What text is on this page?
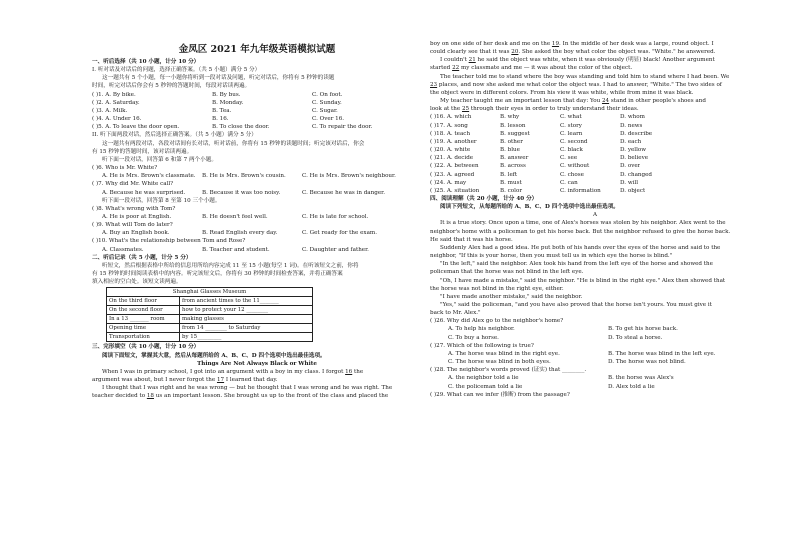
金凤区 2021 年九年级英语模拟试题
一、听后选择（共 10 小题，计分 10 分）
I. 听对话及对话后的问题，选择正确答案。（共 5 小题）满分 5 分）
这一题共有 5 个小题，每一小题你将听到一段对话及问题，听完对话后，你将有 5 秒钟的读题
时间，听完对话后你会有 5 秒钟的答题时间，每段对话读两遍。
( )1. A. By bike.	B. By bus.	C. On foot.
( )2. A. Saturday.	B. Monday.	C. Sunday.
( )3. A. Milk.	B. Tea.	C. Sugar.
( )4. A. Under 16.	B. 16.	C. Over 16.
( )5. A. To leave the door open.	B. To close the door.	C. To repair the door.
II. 听下面两段对话，然后选择正确答案。（共 5 小题）满分 5 分）
这一题共有两段对话，各段对话间有长对话，听对话前，你将有 15 秒钟的读题时间；听完该对话后，你会
有 15 秒钟的答题时间，该对话读两遍。
听下面一段对话，回答第 6 和第 7 两个小题。
( )6. Who is Mr. White?
A. He is Mrs. Brown's classmate.	B. He is Mrs. Brown's cousin.	C. He is Mrs. Brown's neighbour.
( )7. Why did Mr. White call?
A. Because he was surprised.	B. Because it was too noisy.	C. Because he was in danger.
听下面一段对话，回答第 8 至第 10 三个小题。
( )8. What's wrong with Tom?
A. He is poor at English.	B. He doesn't feel well.	C. He is late for school.
( )9. What will Tom do later?
A. Buy an English book.	B. Read English every day.	C. Get ready for the exam.
( )10. What's the relationship between Tom and Rose?
A. Classmates.	B. Teacher and student.	C. Daughter and father.
二、听后记录（共 5 小题，计分 5 分）
听短文，然后根据表格中所给的信息用所给内容完成 11 至 15 小题(每空 1 词)。在听该短文之前，你将
有 15 秒钟的时间阅读表格中的内容。听完该短文后，你将有 30 秒钟的时间检查答案，并将正确答案
填入相应的空白处。该短文读两遍。
Shanghai Glasses Museum	
On the third floor	from ancient times to the 11_______
On the second floor	how to protect your 12 ________
In a 13 _______ room	making glasses
Opening time	from 14 ________ to Saturday
Transportation	by 15_________
三、完形填空（共 10 小题，计分 10 分）
阅读下面短文，掌握其大意，然后从每题所给的 A、B、C、D 四个选项中选出最佳选项。
Things Are Not Always Black or White
When I was in primary school, I got into an argument with a boy in my class. I forgot 16 the
argument was about, but I never forgot the 17 I learned that day.
I thought that I was right and he was wrong — but he thought that I was wrong and he was right. The
teacher decided to 18 us an important lesson. She brought us up to the front of the class and placed the
boy on one side of her desk and me on the 19. In the middle of her desk was a large, round object. I
could clearly see that it was 20. She asked the boy what color the object was. "White." he answered.
I couldn't 21 he said the object was white, when it was obviously (明显) black! Another argument
started 22 my classmate and me — it was about the color of the object.
The teacher told me to stand where the boy was standing and told him to stand where I had been. We
23 places, and now she asked me what color the object was. I had to answer, "White." The two sides of
the object were in different colors. From his view it was white, while from mine it was black.
My teacher taught me an important lesson that day: You 24 stand in other people's shoes and
look at the 25 through their eyes in order to truly understand their ideas.
( )16. A. which	B. why	C. what	D. whom
( )17. A. song	B. lesson	C. story	D. news
( )18. A. teach	B. suggest	C. learn	D. describe
( )19. A. another	B. other	C. second	D. each
( )20. A. white	B. blue	C. black	D. yellow
( )21. A. decide	B. answer	C. see	D. believe
( )22. A. between	B. across	C. without	D. over
( )23. A. agreed	B. left	C. chose	D. changed
( )24. A. may	B. must	C. can	D. will
( )25. A. situation	B. color	C. information	D. object
四、阅读理解（共 20 小题，计分 40 分）
阅读下列短文，从每题所给的 A、B、C、D 四个选项中选出最佳选项。
A
It is a true story. Once upon a time, one of Alex's horses was stolen by his neighbor. Alex went to the
neighbor's home with a policeman to get his horse back. But the neighbor refused to give the horse back.
He said that it was his horse.
Suddenly Alex had a good idea. He put both of his hands over the eyes of the horse and said to the
neighbor, "If this is your horse, then you must tell us in which eye the horse is blind."
"In the left," said the neighbor. Alex took his hand from the left eye of the horse and showed the
policeman that the horse was not blind in the left eye.
"Oh, I have made a mistake," said the neighbor. "He is blind in the right eye." Alex then showed that
the horse was not blind in the right eye, either.
"I have made another mistake," said the neighbor.
"Yes," said the policeman, "and you have also proved that the horse isn't yours. You must give it
back to Mr. Alex."
( )26. Why did Alex go to the neighbor's home?
A. To help his neighbor.	B. To get his horse back.
C. To buy a horse.	D. To steal a horse.
( )27. Which of the following is true?
A. The horse was blind in the right eye.	B. The horse was blind in the left eye.
C. The horse was blind in both eyes.	D. The horse was not blind.
( )28. The neighbor's words proved (证实) that ________.
A. the neighbor told a lie	B. the horse was Alex's
C. the policeman told a lie	D. Alex told a lie
( )29. What can we infer (推断) from the passage?
